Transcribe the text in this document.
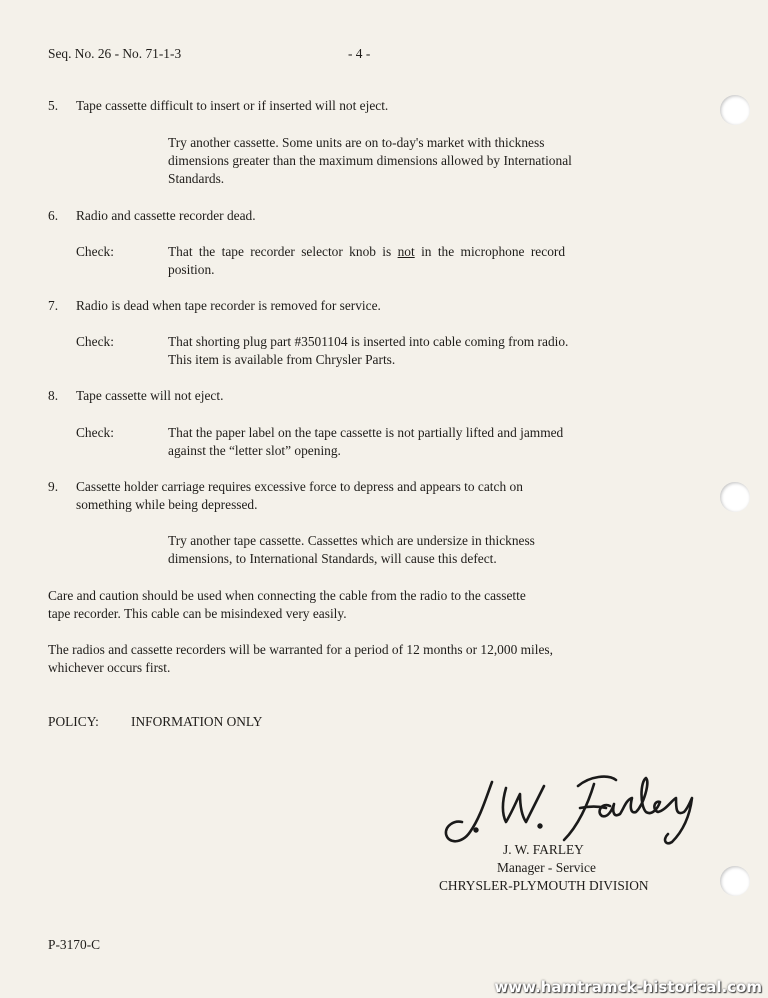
Seq. No. 26 - No. 71-1-3	- 4 -
5. Tape cassette difficult to insert or if inserted will not eject.
Try another cassette. Some units are on to-day's market with thickness
dimensions greater than the maximum dimensions allowed by International
Standards.
6. Radio and cassette recorder dead.
Check:	That the tape recorder selector knob is not in the microphone record
position.
7. Radio is dead when tape recorder is removed for service.
Check:	That shorting plug part #3501104 is inserted into cable coming from radio.
This item is available from Chrysler Parts.
8. Tape cassette will not eject.
Check:	That the paper label on the tape cassette is not partially lifted and jammed
against the “letter slot” opening.
9. Cassette holder carriage requires excessive force to depress and appears to catch on
something while being depressed.
Try another tape cassette. Cassettes which are undersize in thickness
dimensions, to International Standards, will cause this defect.
Care and caution should be used when connecting the cable from the radio to the cassette
tape recorder. This cable can be misindexed very easily.
The radios and cassette recorders will be warranted for a period of 12 months or 12,000 miles,
whichever occurs first.
POLICY: INFORMATION ONLY
J. W. FARLEY
Manager - Service
CHRYSLER-PLYMOUTH DIVISION
P-3170-C
www.hamtramck-historical.com
